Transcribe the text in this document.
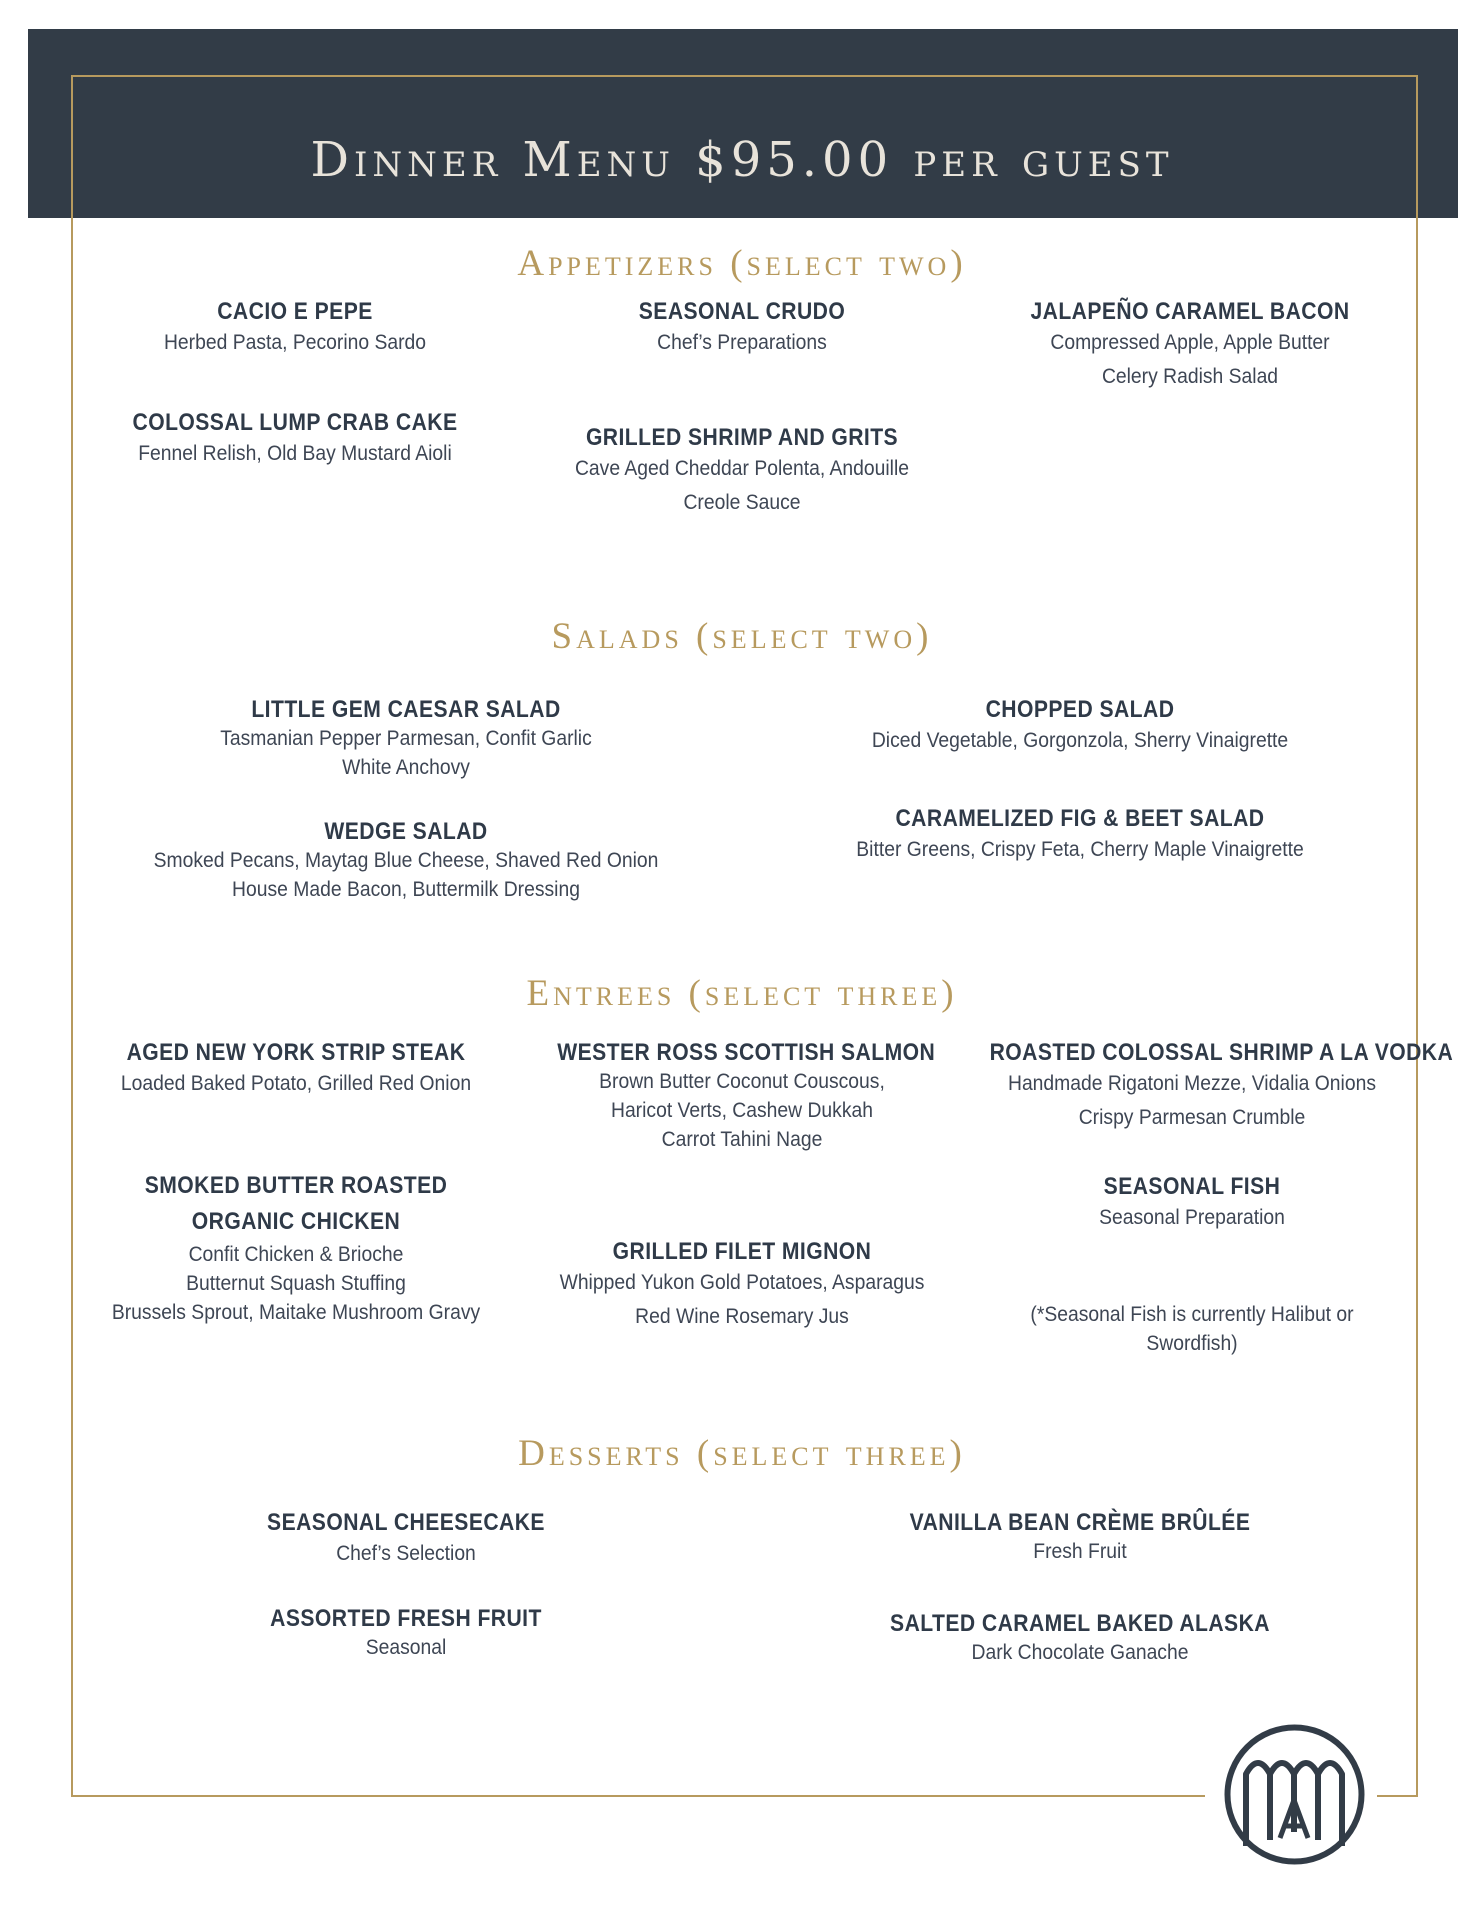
Dinner Menu $95.00 per guest
Appetizers (select two)
CACIO E PEPE
Herbed Pasta, Pecorino Sardo
SEASONAL CRUDO
Chef’s Preparations
JALAPEÑO CARAMEL BACON
Compressed Apple, Apple Butter
Celery Radish Salad
COLOSSAL LUMP CRAB CAKE
Fennel Relish, Old Bay Mustard Aioli
GRILLED SHRIMP AND GRITS
Cave Aged Cheddar Polenta, Andouille
Creole Sauce
Salads (select two)
LITTLE GEM CAESAR SALAD
Tasmanian Pepper Parmesan, Confit Garlic
White Anchovy
CHOPPED SALAD
Diced Vegetable, Gorgonzola, Sherry Vinaigrette
WEDGE SALAD
Smoked Pecans, Maytag Blue Cheese, Shaved Red Onion
House Made Bacon, Buttermilk Dressing
CARAMELIZED FIG & BEET SALAD
Bitter Greens, Crispy Feta, Cherry Maple Vinaigrette
Entrees (select three)
AGED NEW YORK STRIP STEAK
Loaded Baked Potato, Grilled Red Onion
WESTER ROSS SCOTTISH SALMON
Brown Butter Coconut Couscous,
Haricot Verts, Cashew Dukkah
Carrot Tahini Nage
ROASTED COLOSSAL SHRIMP A LA VODKA
Handmade Rigatoni Mezze, Vidalia Onions
Crispy Parmesan Crumble
SMOKED BUTTER ROASTED
ORGANIC CHICKEN
Confit Chicken & Brioche
Butternut Squash Stuffing
Brussels Sprout, Maitake Mushroom Gravy
GRILLED FILET MIGNON
Whipped Yukon Gold Potatoes, Asparagus
Red Wine Rosemary Jus
SEASONAL FISH
Seasonal Preparation
(*Seasonal Fish is currently Halibut or
Swordfish)
Desserts (select three)
SEASONAL CHEESECAKE
Chef’s Selection
VANILLA BEAN CRÈME BRÛLÉE
Fresh Fruit
ASSORTED FRESH FRUIT
Seasonal
SALTED CARAMEL BAKED ALASKA
Dark Chocolate Ganache
